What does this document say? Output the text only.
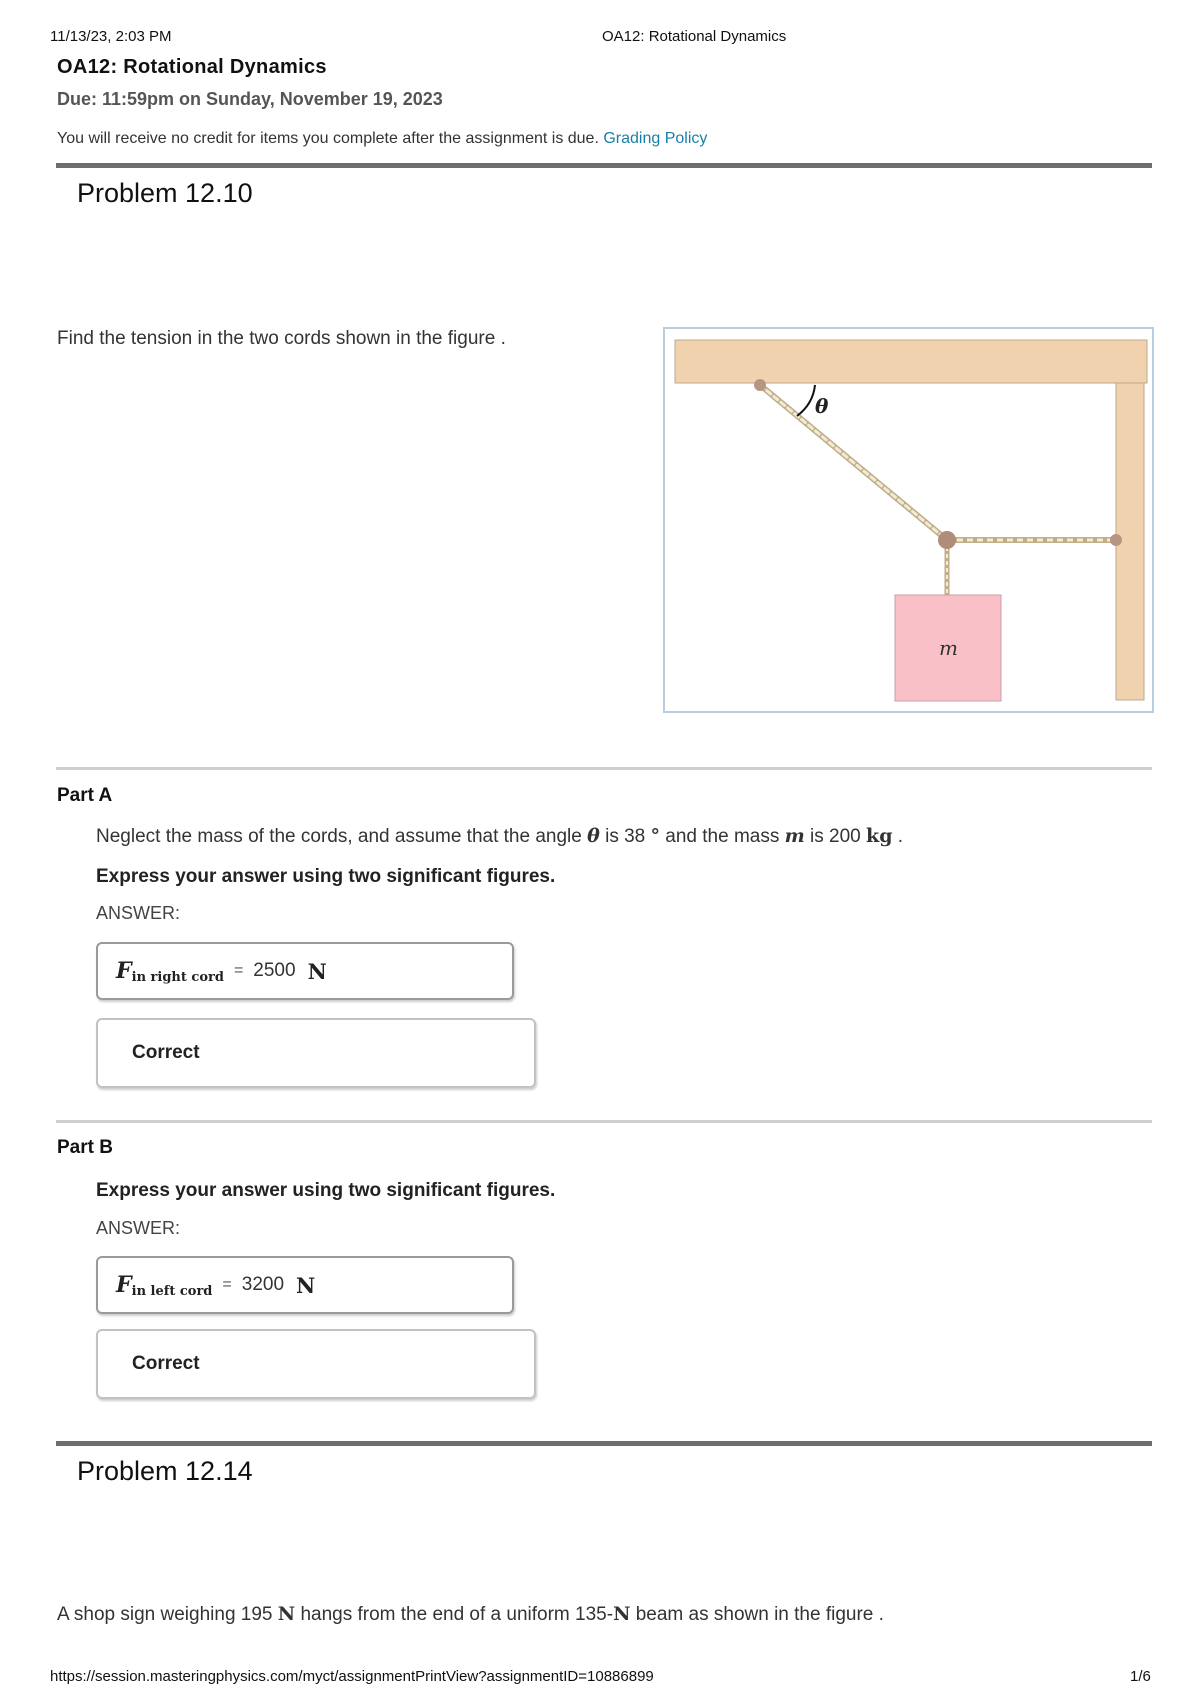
11/13/23, 2:03 PM	OA12: Rotational Dynamics
OA12: Rotational Dynamics
Due: 11:59pm on Sunday, November 19, 2023
You will receive no credit for items you complete after the assignment is due. Grading Policy
Problem 12.10
Find the tension in the two cords shown in the figure .
θ
m
Part A
Neglect the mass of the cords, and assume that the angle θ is 38 ° and the mass m is 200 kg .
Express your answer using two significant figures.
ANSWER:
F in right cord = 2500 N
Correct
Part B
Express your answer using two significant figures.
ANSWER:
F in left cord = 3200 N
Correct
Problem 12.14
A shop sign weighing 195 N hangs from the end of a uniform 135-N beam as shown in the figure .
https://session.masteringphysics.com/myct/assignmentPrintView?assignmentID=10886899	1/6
